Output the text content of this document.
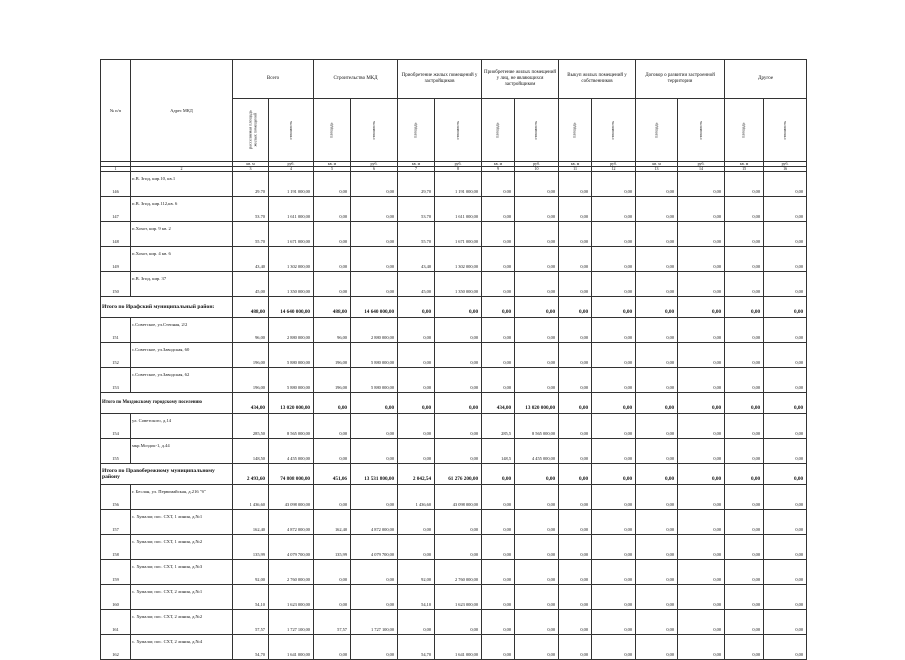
№ п/п	Адрес МКД	Всего		Строительство МКД		Приобретение жилых помещений у застройщиков		Приобретение жилых помещений у лиц, не являющихся застройщиком		Выкуп жилых помещений у собственников		Договор о развитии застроенной территории		Другое	
		расселяемая площадь жилых помещений	стоимость	площадь	стоимость	площадь	стоимость	площадь	стоимость	площадь	стоимость	площадь	стоимость	площадь	стоимость
		кв. м	руб.	кв. м	руб.	кв. м	руб.	кв. м	руб.	кв. м	руб.	кв. м	руб.	кв. м	руб.
1	2	3	4	5	6	7	8	9	10	11	12	13	14	15	16
146	п.В. Згид, кир.10, кв.1	29.70	1 191 000,00	0,00	0,00	29,70	1 191 000,00	0.00	0,00	0,00	0,00	0,00	0,00	0,00	0,00
147	п.В. Згид, кир.112,кв. 6	53.70	1 611 000,00	0,00	0,00	53.70	1 611 000,00	0,00	0,00	0,00	0,00	0,00	0,00	0,00	0,00
148	п.Хохот, кир. 9 кв. 2	55.70	1 671 000,00	0,00	0,00	55.70	1 671 000,00	0,00	0,00	0,00	0,00	0,00	0,00	0,00	0,00
149	п.Хохот, кир. 4 кв. 6	43,40	1 302 000,00	0,00	0,00	43,40	1 302 000,00	0,00	0,00	0,00	0,00	0,00	0,00	0,00	0,00
150	п.В. Згид, кир. 37	45,00	1 350 000,00	0,00	0,00	45,00	1 350 000,00	0,00	0,00	0,00	0,00	0,00	0,00	0,00	0,00
Итого по Ирафский муниципальный район:		488,00	14 640 000,00	488,00	14 640 000,00	0,00	0,00	0,00	0,00	0,00	0,00	0,00	0,00	0,00	0,00
151	с.Советское, ул.Степная, 2/2	96,00	2 880 000,00	96,00	2 880 000,00	0,00	0,00	0,00	0,00	0,00	0,00	0,00	0,00	0,00	0,00
152	с.Советское, ул.Заводская, 60	196,00	5 880 000,00	196,00	5 880 000,00	0,00	0,00	0,00	0,00	0,00	0,00	0,00	0,00	0,00	0,00
153	с.Советское, ул.Заводская, 62	196,00	5 880 000,00	196,00	5 880 000,00	0,00	0,00	0,00	0,00	0,00	0,00	0,00	0,00	0,00	0,00
Итого по Моздокскому городскому поселению		434,00	13 020 000,00	0,00	0,00	0,00	0,00	434,00	13 020 000,00	0,00	0,00	0,00	0,00	0,00	0,00
154	ул. Советского, д.14	285,50	8 565 000,00	0,00	0,00	0,00	0,00	285,5	8 565 000,00	0,00	0,00	0,00	0,00	0,00	0,00
155	мкр.Моздок-1, д.44	148,50	4 455 000,00	0,00	0,00	0,00	0,00	148,5	4 455 000,00	0,00	0,00	0,00	0,00	0,00	0,00
Итого по Правобережному муниципальному району		2 493,60	74 808 000,00	451,06	13 531 800,00	2 042,54	61 276 200,00	0,00	0,00	0,00	0,00	0,00	0,00	0,00	0,00
156	г. Беслан, ул. Первомайская, д.216 "б"	1 436,60	43 098 000,00	0,00	0,00	1 436,60	43 098 000,00	0,00	0,00	0,00	0,00	0,00	0,00	0,00	0,00
157	с. Хумалаг, пос. СХТ, 1 линия, д.№1	162,40	4 872 000,00	162,40	4 872 000,00	0,00	0,00	0,00	0,00	0,00	0,00	0,00	0,00	0,00	0,00
158	с. Хумалаг, пос. СХТ, 1 линия, д.№2	135,99	4 079 700,00	135,99	4 079 700,00	0,00	0,00	0,00	0,00	0,00	0,00	0,00	0,00	0,00	0,00
159	с. Хумалаг, пос. СХТ, 1 линия, д.№3	92,00	2 760 000,00	0,00	0,00	92,00	2 760 000,00	0,00	0,00	0,00	0,00	0,00	0,00	0,00	0,00
160	с. Хумалаг, пос. СХТ, 2 линия, д.№1	54,10	1 623 000,00	0,00	0,00	54,10	1 623 000,00	0,00	0,00	0,00	0,00	0,00	0,00	0,00	0,00
161	с. Хумалаг, пос. СХТ, 2 линия, д.№2	57,57	1 727 100,00	57,57	1 727 100,00	0,00	0,00	0,00	0,00	0,00	0,00	0,00	0,00	0,00	0,00
162	с. Хумалаг, пос. СХТ, 2 линия, д.№4	54,70	1 641 000,00	0,00	0,00	54,70	1 641 000,00	0,00	0,00	0,00	0,00	0,00	0,00	0,00	0,00
